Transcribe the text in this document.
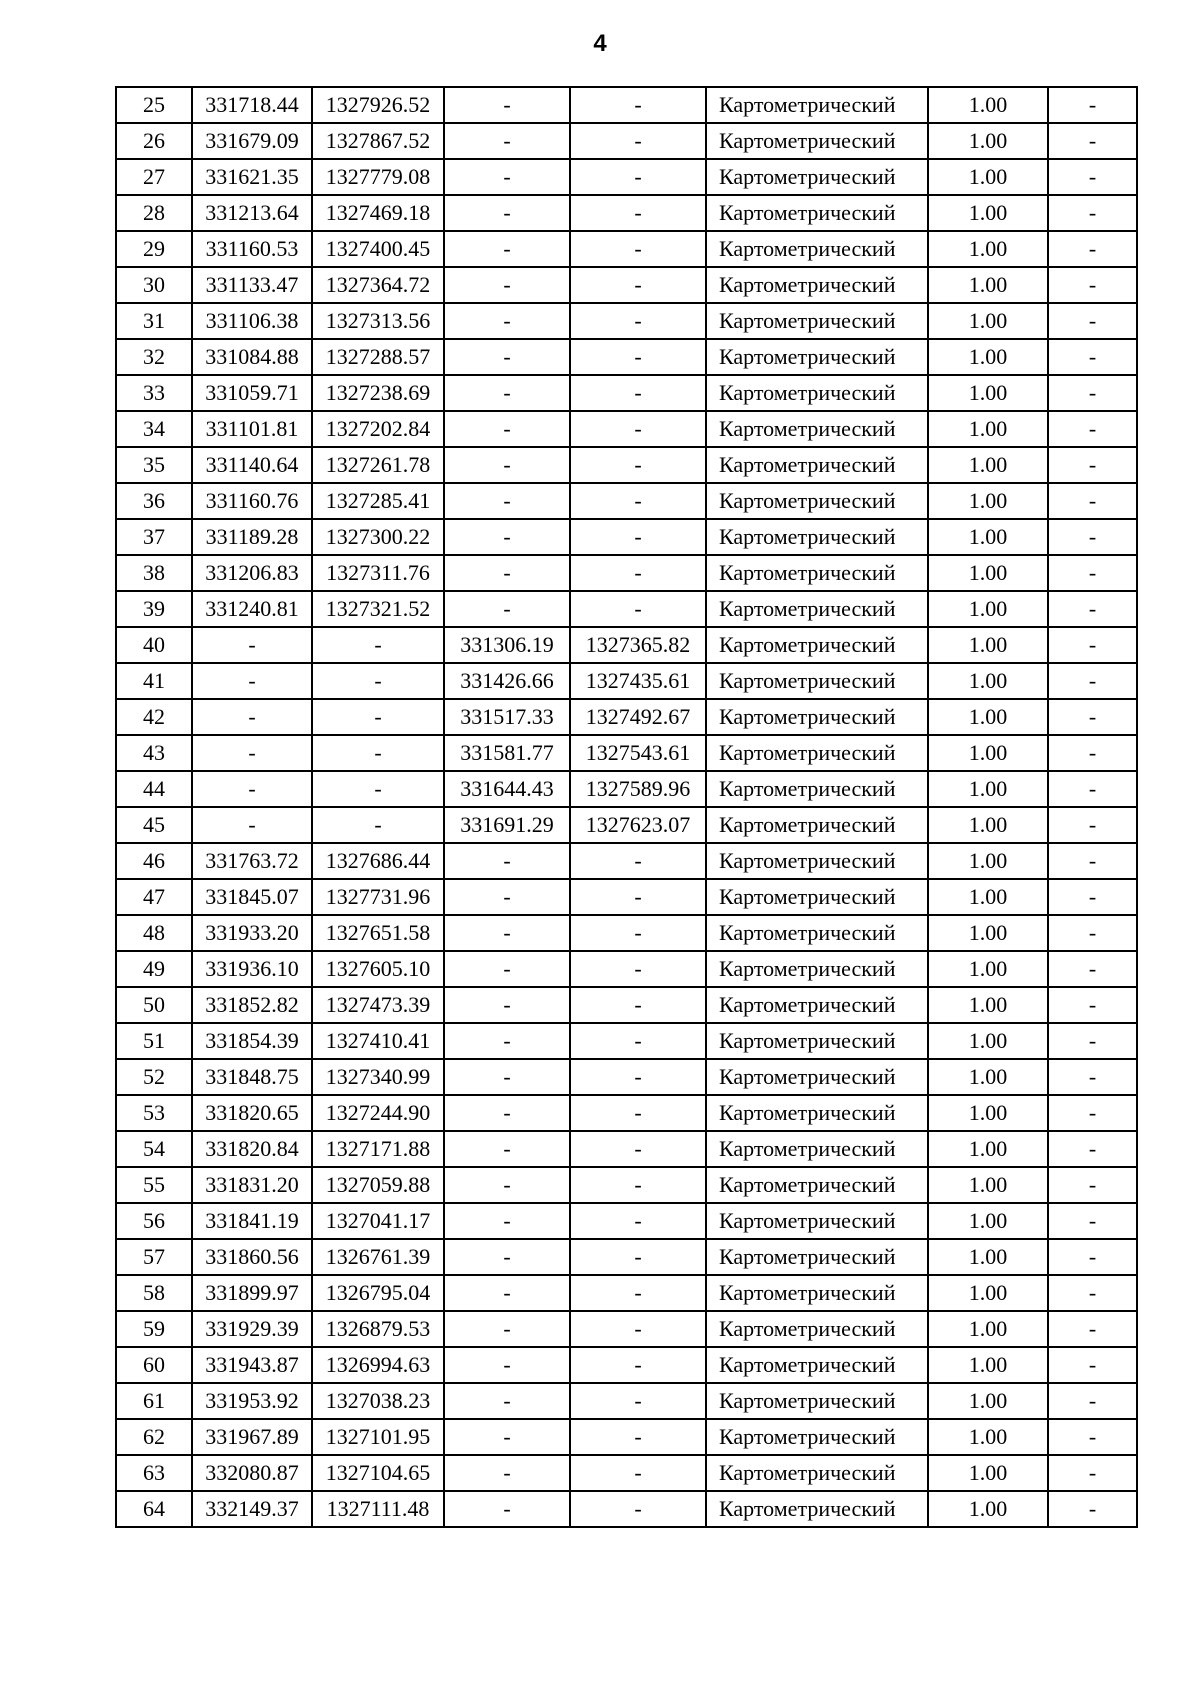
4
25	331718.44	1327926.52	-	-	Картометрический	1.00	-
26	331679.09	1327867.52	-	-	Картометрический	1.00	-
27	331621.35	1327779.08	-	-	Картометрический	1.00	-
28	331213.64	1327469.18	-	-	Картометрический	1.00	-
29	331160.53	1327400.45	-	-	Картометрический	1.00	-
30	331133.47	1327364.72	-	-	Картометрический	1.00	-
31	331106.38	1327313.56	-	-	Картометрический	1.00	-
32	331084.88	1327288.57	-	-	Картометрический	1.00	-
33	331059.71	1327238.69	-	-	Картометрический	1.00	-
34	331101.81	1327202.84	-	-	Картометрический	1.00	-
35	331140.64	1327261.78	-	-	Картометрический	1.00	-
36	331160.76	1327285.41	-	-	Картометрический	1.00	-
37	331189.28	1327300.22	-	-	Картометрический	1.00	-
38	331206.83	1327311.76	-	-	Картометрический	1.00	-
39	331240.81	1327321.52	-	-	Картометрический	1.00	-
40	-	-	331306.19	1327365.82	Картометрический	1.00	-
41	-	-	331426.66	1327435.61	Картометрический	1.00	-
42	-	-	331517.33	1327492.67	Картометрический	1.00	-
43	-	-	331581.77	1327543.61	Картометрический	1.00	-
44	-	-	331644.43	1327589.96	Картометрический	1.00	-
45	-	-	331691.29	1327623.07	Картометрический	1.00	-
46	331763.72	1327686.44	-	-	Картометрический	1.00	-
47	331845.07	1327731.96	-	-	Картометрический	1.00	-
48	331933.20	1327651.58	-	-	Картометрический	1.00	-
49	331936.10	1327605.10	-	-	Картометрический	1.00	-
50	331852.82	1327473.39	-	-	Картометрический	1.00	-
51	331854.39	1327410.41	-	-	Картометрический	1.00	-
52	331848.75	1327340.99	-	-	Картометрический	1.00	-
53	331820.65	1327244.90	-	-	Картометрический	1.00	-
54	331820.84	1327171.88	-	-	Картометрический	1.00	-
55	331831.20	1327059.88	-	-	Картометрический	1.00	-
56	331841.19	1327041.17	-	-	Картометрический	1.00	-
57	331860.56	1326761.39	-	-	Картометрический	1.00	-
58	331899.97	1326795.04	-	-	Картометрический	1.00	-
59	331929.39	1326879.53	-	-	Картометрический	1.00	-
60	331943.87	1326994.63	-	-	Картометрический	1.00	-
61	331953.92	1327038.23	-	-	Картометрический	1.00	-
62	331967.89	1327101.95	-	-	Картометрический	1.00	-
63	332080.87	1327104.65	-	-	Картометрический	1.00	-
64	332149.37	1327111.48	-	-	Картометрический	1.00	-
